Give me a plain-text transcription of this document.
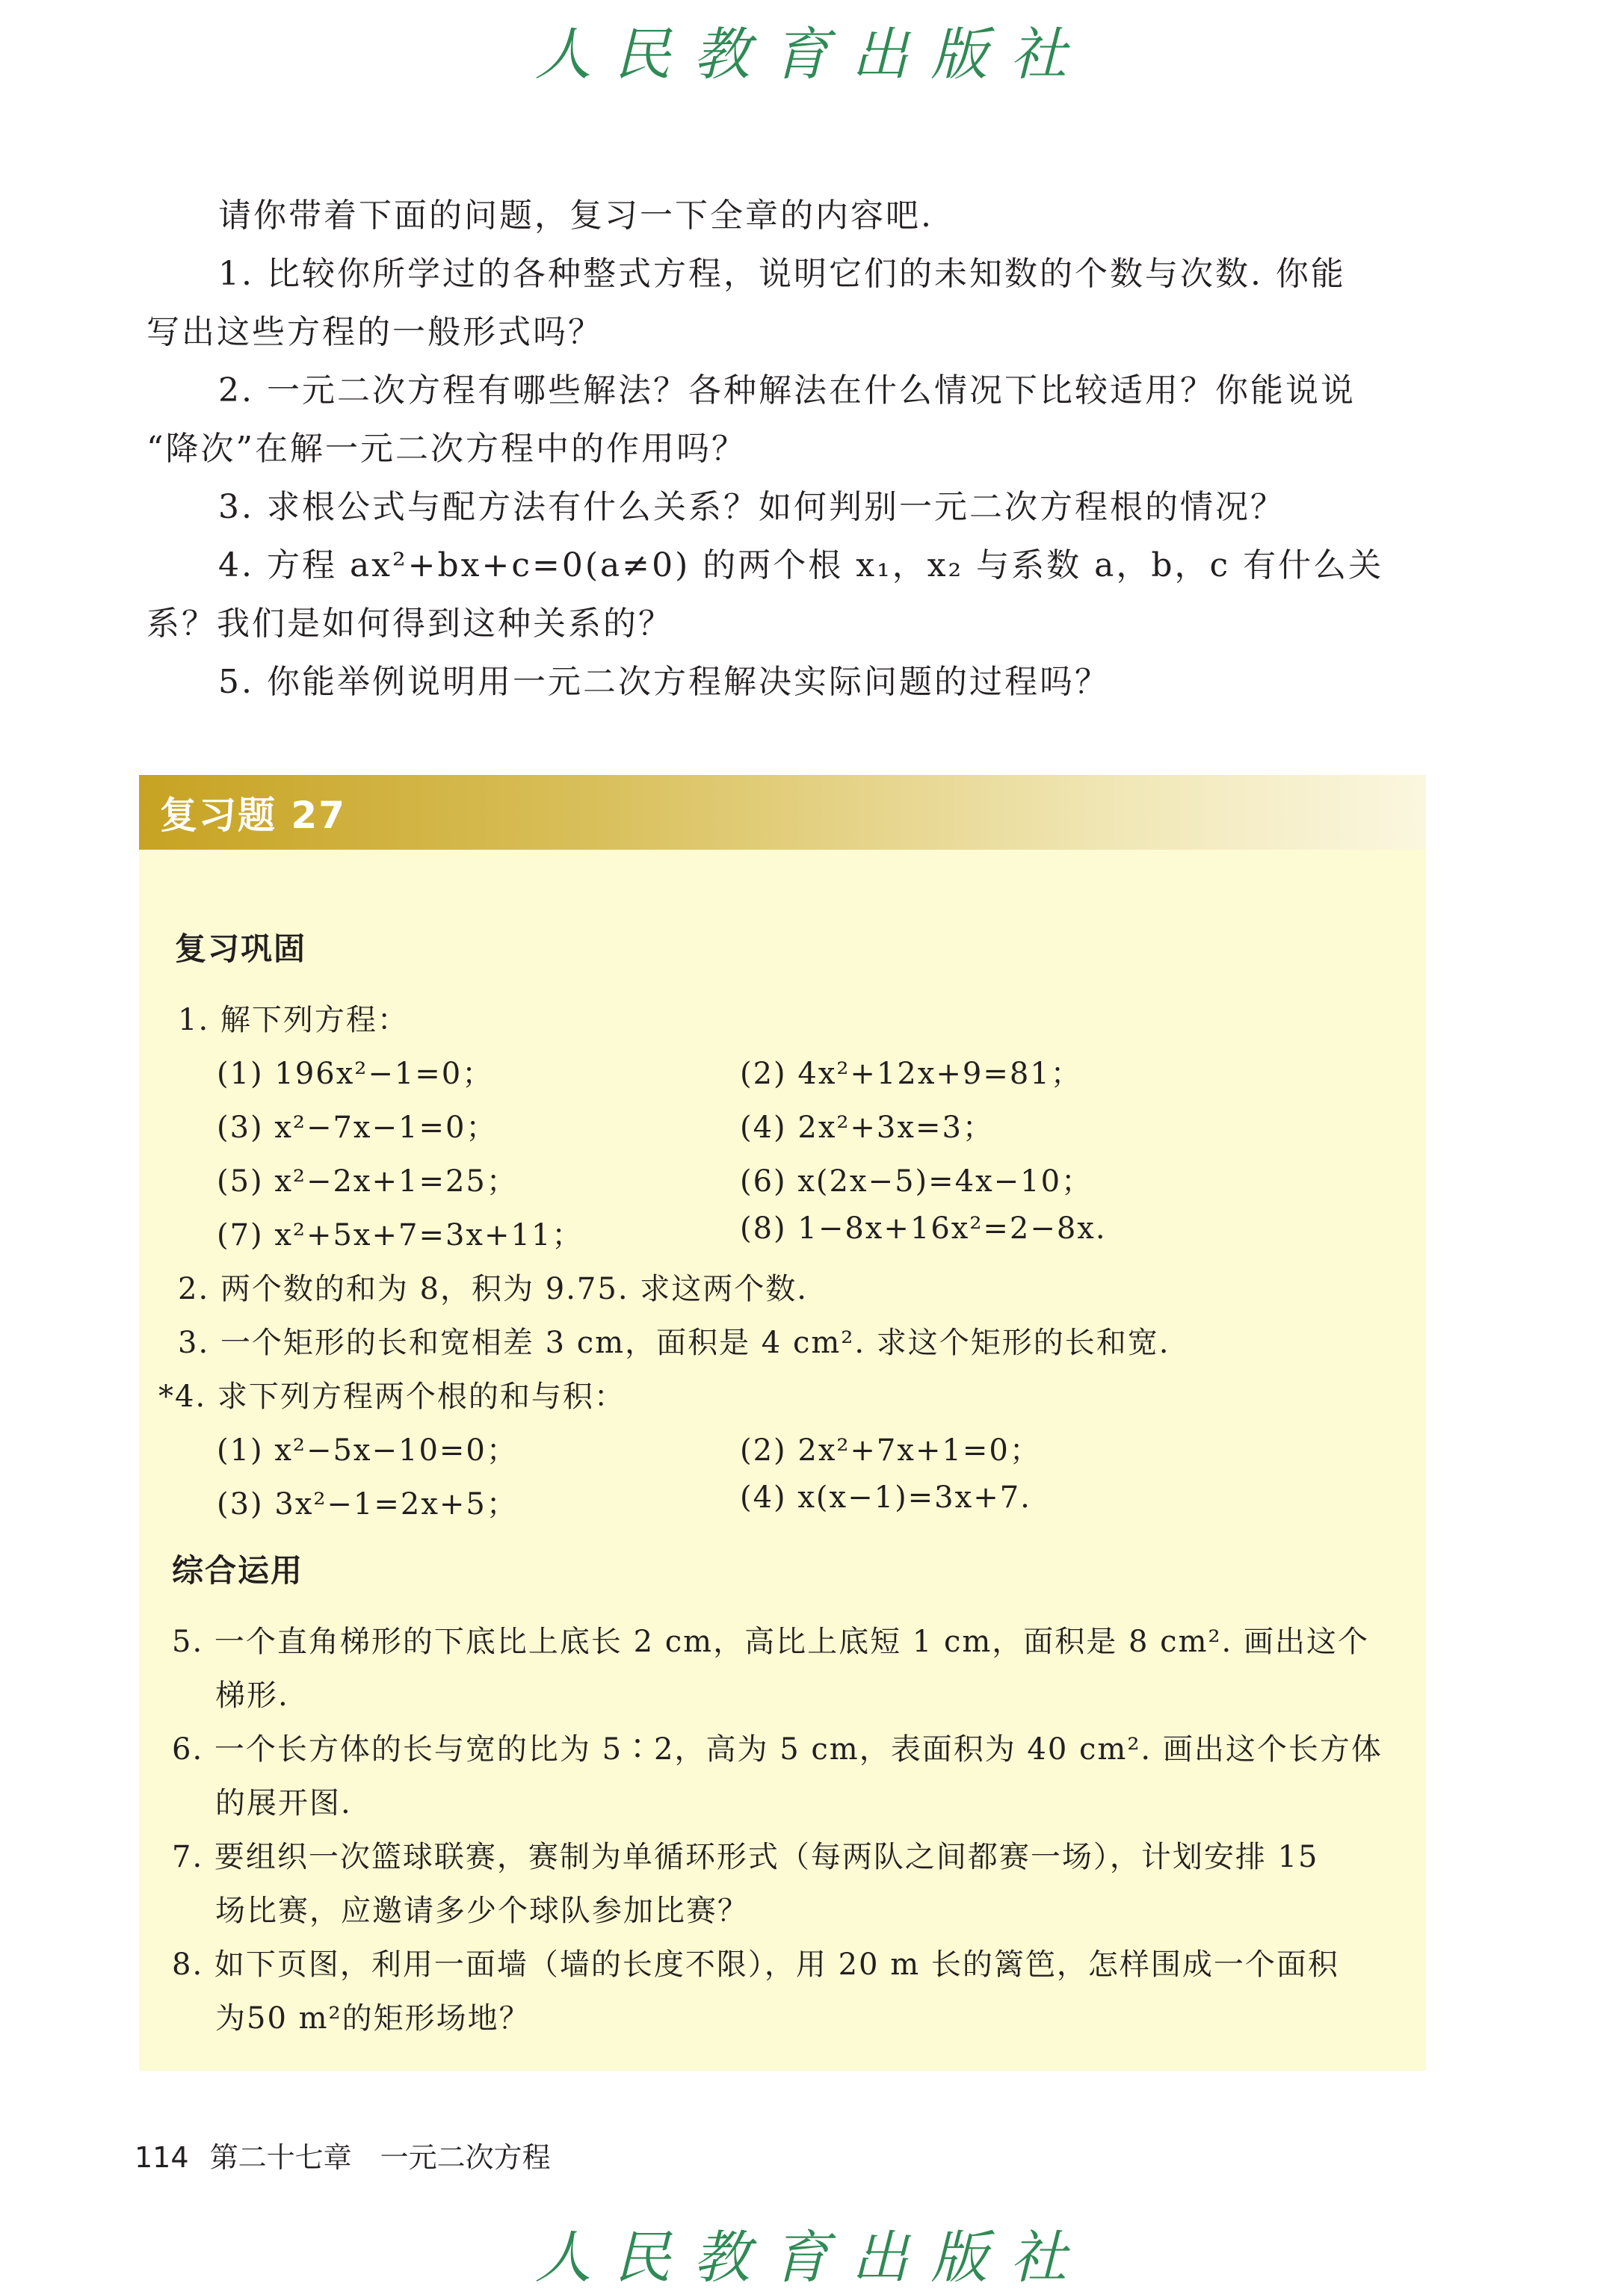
人民教育出版社

请你带着下面的问题，复习一下全章的内容吧.

1. 比较你所学过的各种整式方程，说明它们的未知数的个数与次数. 你能

写出这些方程的一般形式吗？

2. 一元二次方程有哪些解法？各种解法在什么情况下比较适用？你能说说

“降次”在解一元二次方程中的作用吗？

3. 求根公式与配方法有什么关系？如何判别一元二次方程根的情况？

4. 方程 ax²+bx+c=0(a≠0) 的两个根 x₁，x₂ 与系数 a，b，c 有什么关

系？我们是如何得到这种关系的？

5. 你能举例说明用一元二次方程解决实际问题的过程吗？

复习题 27
复习巩固
1. 解下列方程：
(1) 196x²−1=0；	(2) 4x²+12x+9=81；
(3) x²−7x−1=0；	(4) 2x²+3x=3；
(5) x²−2x+1=25；	(6) x(2x−5)=4x−10；
(7) x²+5x+7=3x+11；	(8) 1−8x+16x²=2−8x.
2. 两个数的和为 8，积为 9.75. 求这两个数.
3. 一个矩形的长和宽相差 3 cm，面积是 4 cm². 求这个矩形的长和宽.
*4. 求下列方程两个根的和与积：
(1) x²−5x−10=0；	(2) 2x²+7x+1=0；
(3) 3x²−1=2x+5；	(4) x(x−1)=3x+7.
综合运用
5. 一个直角梯形的下底比上底长 2 cm，高比上底短 1 cm，面积是 8 cm². 画出这个
梯形.
6. 一个长方体的长与宽的比为 5∶2，高为 5 cm，表面积为 40 cm². 画出这个长方体
的展开图.
7. 要组织一次篮球联赛，赛制为单循环形式（每两队之间都赛一场），计划安排 15
场比赛，应邀请多少个球队参加比赛？
8. 如下页图，利用一面墙（墙的长度不限），用 20 m 长的篱笆，怎样围成一个面积
为50 m²的矩形场地？
114 第二十七章　一元二次方程
人民教育出版社
